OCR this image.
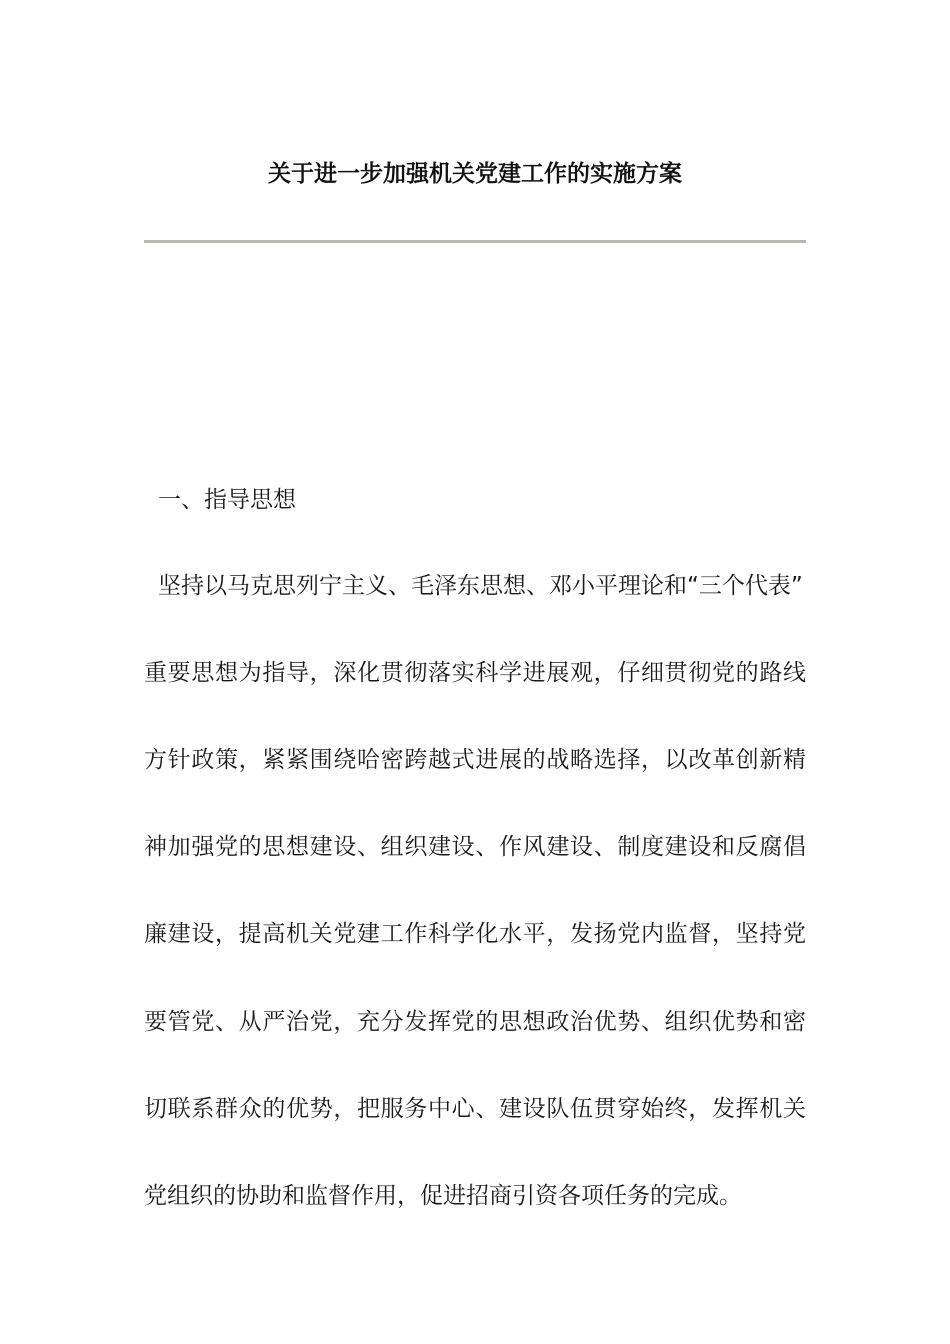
关于进一步加强机关党建工作的实施方案
一、指导思想
坚持以马克思列宁主义、毛泽东思想、邓小平理论和“三个代表”
重要思想为指导，深化贯彻落实科学进展观，仔细贯彻党的路线
方针政策，紧紧围绕哈密跨越式进展的战略选择，以改革创新精
神加强党的思想建设、组织建设、作风建设、制度建设和反腐倡
廉建设，提高机关党建工作科学化水平，发扬党内监督，坚持党
要管党、从严治党，充分发挥党的思想政治优势、组织优势和密
切联系群众的优势，把服务中心、建设队伍贯穿始终，发挥机关
党组织的协助和监督作用，促进招商引资各项任务的完成。
